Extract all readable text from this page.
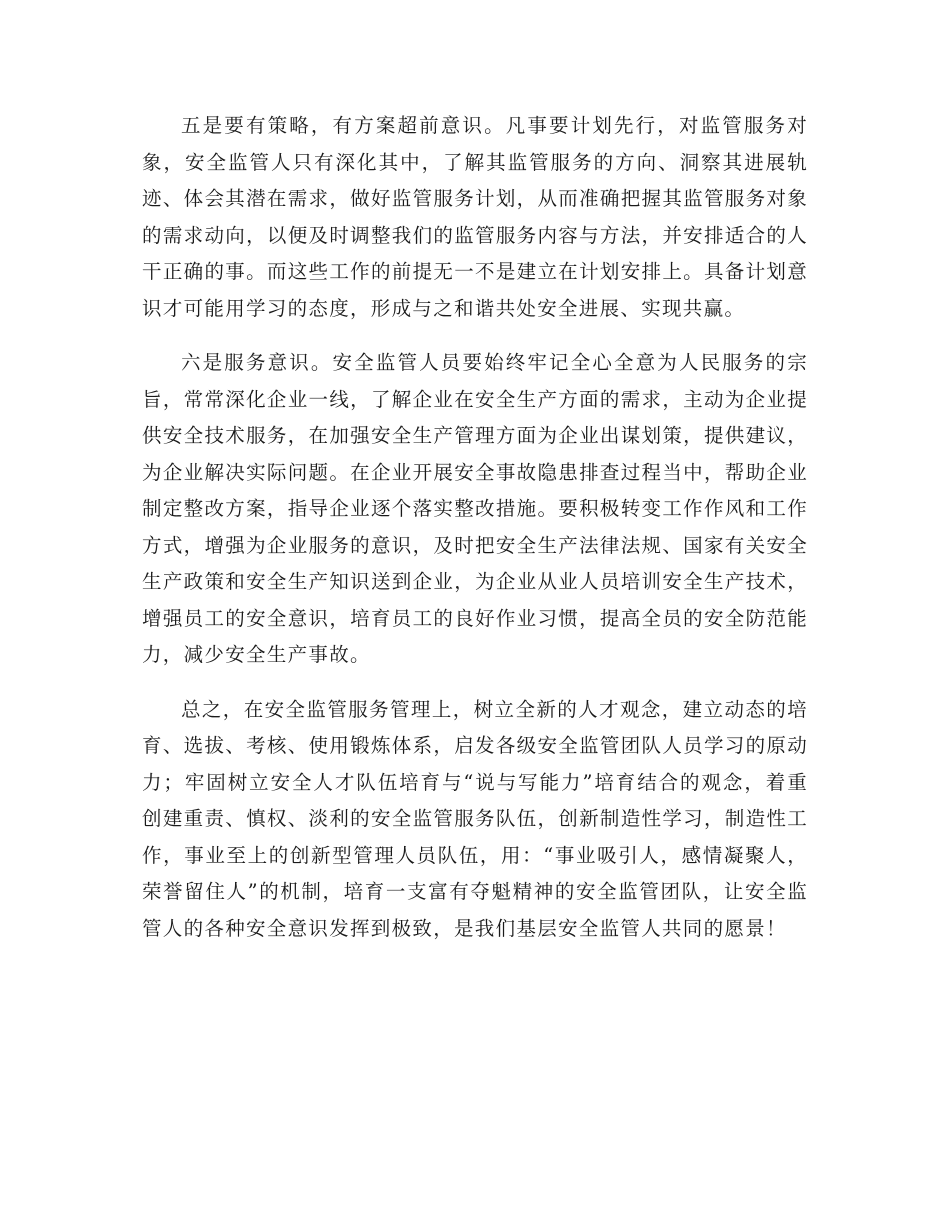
五是要有策略，有方案超前意识。凡事要计划先行，对监管服务对象，安全监管人只有深化其中，了解其监管服务的方向、洞察其进展轨迹、体会其潜在需求，做好监管服务计划，从而准确把握其监管服务对象的需求动向，以便及时调整我们的监管服务内容与方法，并安排适合的人干正确的事。而这些工作的前提无一不是建立在计划安排上。具备计划意识才可能用学习的态度，形成与之和谐共处安全进展、实现共赢。

六是服务意识。安全监管人员要始终牢记全心全意为人民服务的宗旨，常常深化企业一线，了解企业在安全生产方面的需求，主动为企业提供安全技术服务，在加强安全生产管理方面为企业出谋划策，提供建议，为企业解决实际问题。在企业开展安全事故隐患排查过程当中，帮助企业制定整改方案，指导企业逐个落实整改措施。要积极转变工作作风和工作方式，增强为企业服务的意识，及时把安全生产法律法规、国家有关安全生产政策和安全生产知识送到企业，为企业从业人员培训安全生产技术，增强员工的安全意识，培育员工的良好作业习惯，提高全员的安全防范能力，减少安全生产事故。

总之，在安全监管服务管理上，树立全新的人才观念，建立动态的培育、选拔、考核、使用锻炼体系，启发各级安全监管团队人员学习的原动力；牢固树立安全人才队伍培育与“说与写能力”培育结合的观念，着重创建重责、慎权、淡利的安全监管服务队伍，创新制造性学习，制造性工作，事业至上的创新型管理人员队伍，用：“事业吸引人，感情凝聚人，荣誉留住人”的机制，培育一支富有夺魁精神的安全监管团队，让安全监管人的各种安全意识发挥到极致，是我们基层安全监管人共同的愿景！
